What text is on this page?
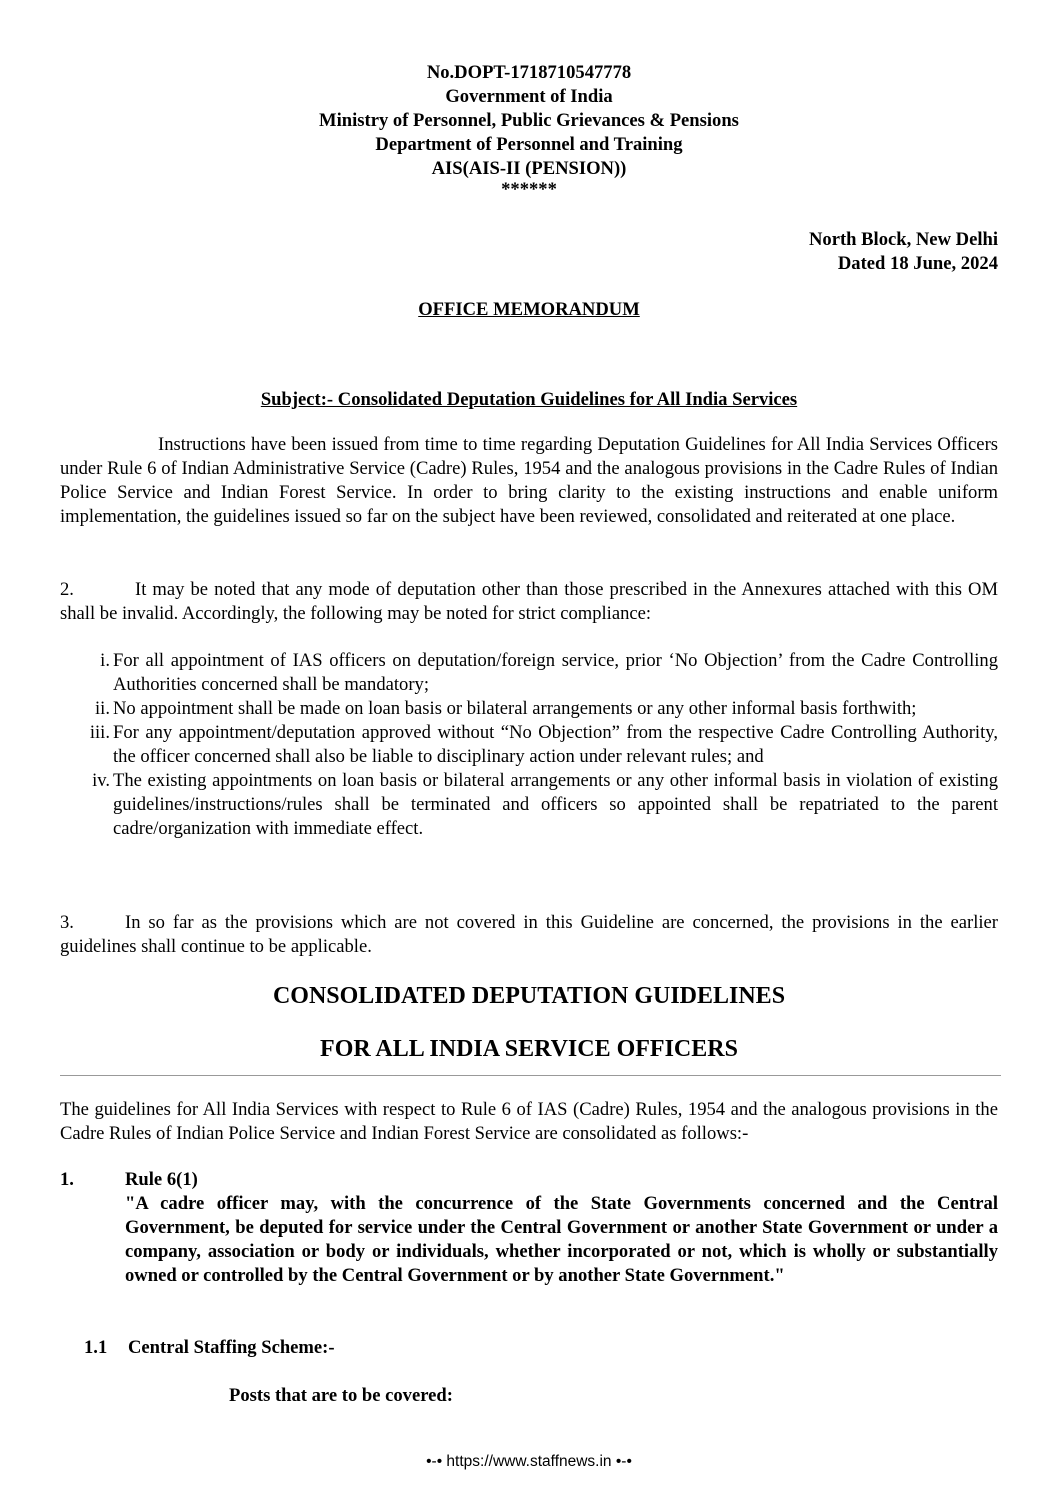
No.DOPT-1718710547778
Government of India
Ministry of Personnel, Public Grievances & Pensions
Department of Personnel and Training
AIS(AIS-II (PENSION))
******
North Block, New Delhi
Dated 18 June, 2024
OFFICE MEMORANDUM
Subject:- Consolidated Deputation Guidelines for All India Services
Instructions have been issued from time to time regarding Deputation Guidelines for All India Services Officers under Rule 6 of Indian Administrative Service (Cadre) Rules, 1954 and the analogous provisions in the Cadre Rules of Indian Police Service and Indian Forest Service. In order to bring clarity to the existing instructions and enable uniform implementation, the guidelines issued so far on the subject have been reviewed, consolidated and reiterated at one place.
2.	It may be noted that any mode of deputation other than those prescribed in the Annexures attached with this OM shall be invalid. Accordingly, the following may be noted for strict compliance:
i. For all appointment of IAS officers on deputation/foreign service, prior ‘No Objection’ from the Cadre Controlling Authorities concerned shall be mandatory;
ii. No appointment shall be made on loan basis or bilateral arrangements or any other informal basis forthwith;
iii. For any appointment/deputation approved without “No Objection” from the respective Cadre Controlling Authority, the officer concerned shall also be liable to disciplinary action under relevant rules; and
iv. The existing appointments on loan basis or bilateral arrangements or any other informal basis in violation of existing guidelines/instructions/rules shall be terminated and officers so appointed shall be repatriated to the parent cadre/organization with immediate effect.
3.	In so far as the provisions which are not covered in this Guideline are concerned, the provisions in the earlier guidelines shall continue to be applicable.
CONSOLIDATED DEPUTATION GUIDELINES
FOR ALL INDIA SERVICE OFFICERS
The guidelines for All India Services with respect to Rule 6 of IAS (Cadre) Rules, 1954 and the analogous provisions in the Cadre Rules of Indian Police Service and Indian Forest Service are consolidated as follows:-
1.	Rule 6(1)
"A cadre officer may, with the concurrence of the State Governments concerned and the Central Government, be deputed for service under the Central Government or another State Government or under a company, association or body or individuals, whether incorporated or not, which is wholly or substantially owned or controlled by the Central Government or by another State Government."
1.1 Central Staffing Scheme:-
Posts that are to be covered:
•-• https://www.staffnews.in •-•
